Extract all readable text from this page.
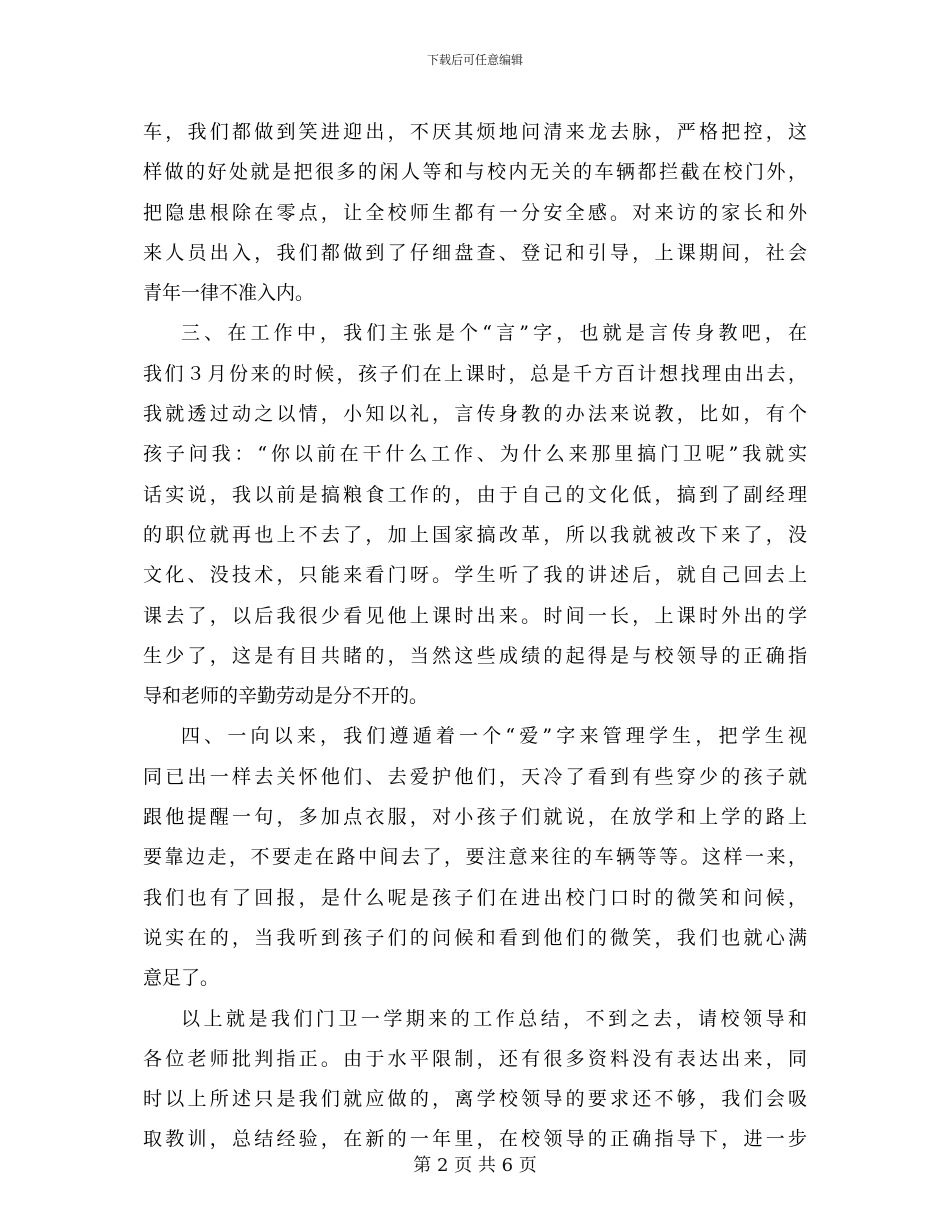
下载后可任意编辑
车，我们都做到笑进迎出，不厌其烦地问清来龙去脉，严格把控，这
样做的好处就是把很多的闲人等和与校内无关的车辆都拦截在校门外，
把隐患根除在零点，让全校师生都有一分安全感。对来访的家长和外
来人员出入，我们都做到了仔细盘查、登记和引导，上课期间，社会
青年一律不准入内。
三、在工作中，我们主张是个“言”字，也就是言传身教吧，在
我们３月份来的时候，孩子们在上课时，总是千方百计想找理由出去，
我就透过动之以情，小知以礼，言传身教的办法来说教，比如，有个
孩子问我：“你以前在干什么工作、为什么来那里搞门卫呢”我就实
话实说，我以前是搞粮食工作的，由于自己的文化低，搞到了副经理
的职位就再也上不去了，加上国家搞改革，所以我就被改下来了，没
文化、没技术，只能来看门呀。学生听了我的讲述后，就自己回去上
课去了，以后我很少看见他上课时出来。时间一长，上课时外出的学
生少了，这是有目共睹的，当然这些成绩的起得是与校领导的正确指
导和老师的辛勤劳动是分不开的。
四、一向以来，我们遵遁着一个“爱”字来管理学生，把学生视
同已出一样去关怀他们、去爱护他们，天冷了看到有些穿少的孩子就
跟他提醒一句，多加点衣服，对小孩子们就说，在放学和上学的路上
要靠边走，不要走在路中间去了，要注意来往的车辆等等。这样一来，
我们也有了回报，是什么呢是孩子们在进出校门口时的微笑和问候，
说实在的，当我听到孩子们的问候和看到他们的微笑，我们也就心满
意足了。
以上就是我们门卫一学期来的工作总结，不到之去，请校领导和
各位老师批判指正。由于水平限制，还有很多资料没有表达出来，同
时以上所述只是我们就应做的，离学校领导的要求还不够，我们会吸
取教训，总结经验，在新的一年里，在校领导的正确指导下，进一步
第 2 页 共 6 页
